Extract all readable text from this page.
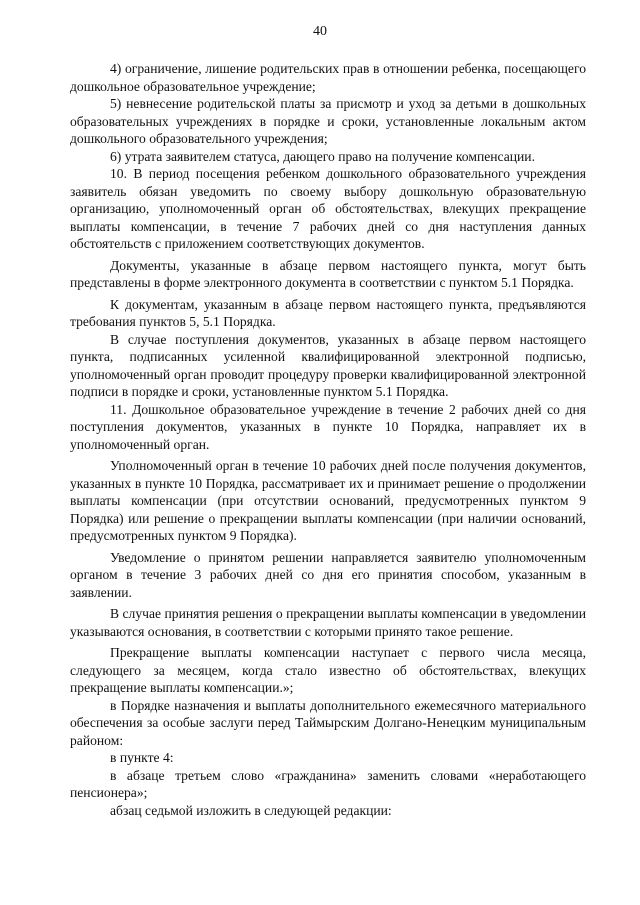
40

4) ограничение, лишение родительских прав в отношении ребенка, посещающего дошкольное образовательное учреждение;

5) невнесение родительской платы за присмотр и уход за детьми в дошкольных образовательных учреждениях в порядке и сроки, установленные локальным актом дошкольного образовательного учреждения;

6) утрата заявителем статуса, дающего право на получение компенсации.

10. В период посещения ребенком дошкольного образовательного учреждения заявитель обязан уведомить по своему выбору дошкольную образовательную организацию, уполномоченный орган об обстоятельствах, влекущих прекращение выплаты компенсации, в течение 7 рабочих дней со дня наступления данных обстоятельств с приложением соответствующих документов.

Документы, указанные в абзаце первом настоящего пункта, могут быть представлены в форме электронного документа в соответствии с пунктом 5.1 Порядка.

К документам, указанным в абзаце первом настоящего пункта, предъявляются требования пунктов 5, 5.1 Порядка.

В случае поступления документов, указанных в абзаце первом настоящего пункта, подписанных усиленной квалифицированной электронной подписью, уполномоченный орган проводит процедуру проверки квалифицированной электронной подписи в порядке и сроки, установленные пунктом 5.1 Порядка.

11. Дошкольное образовательное учреждение в течение 2 рабочих дней со дня поступления документов, указанных в пункте 10 Порядка, направляет их в уполномоченный орган.

Уполномоченный орган в течение 10 рабочих дней после получения документов, указанных в пункте 10 Порядка, рассматривает их и принимает решение о продолжении выплаты компенсации (при отсутствии оснований, предусмотренных пунктом 9 Порядка) или решение о прекращении выплаты компенсации (при наличии оснований, предусмотренных пунктом 9 Порядка).

Уведомление о принятом решении направляется заявителю уполномоченным органом в течение 3 рабочих дней со дня его принятия способом, указанным в заявлении.

В случае принятия решения о прекращении выплаты компенсации в уведомлении указываются основания, в соответствии с которыми принято такое решение.

Прекращение выплаты компенсации наступает с первого числа месяца, следующего за месяцем, когда стало известно об обстоятельствах, влекущих прекращение выплаты компенсации.»;

в Порядке назначения и выплаты дополнительного ежемесячного материального обеспечения за особые заслуги перед Таймырским Долгано-Ненецким муниципальным районом:

в пункте 4:

в абзаце третьем слово «гражданина» заменить словами «неработающего пенсионера»;

абзац седьмой изложить в следующей редакции:
